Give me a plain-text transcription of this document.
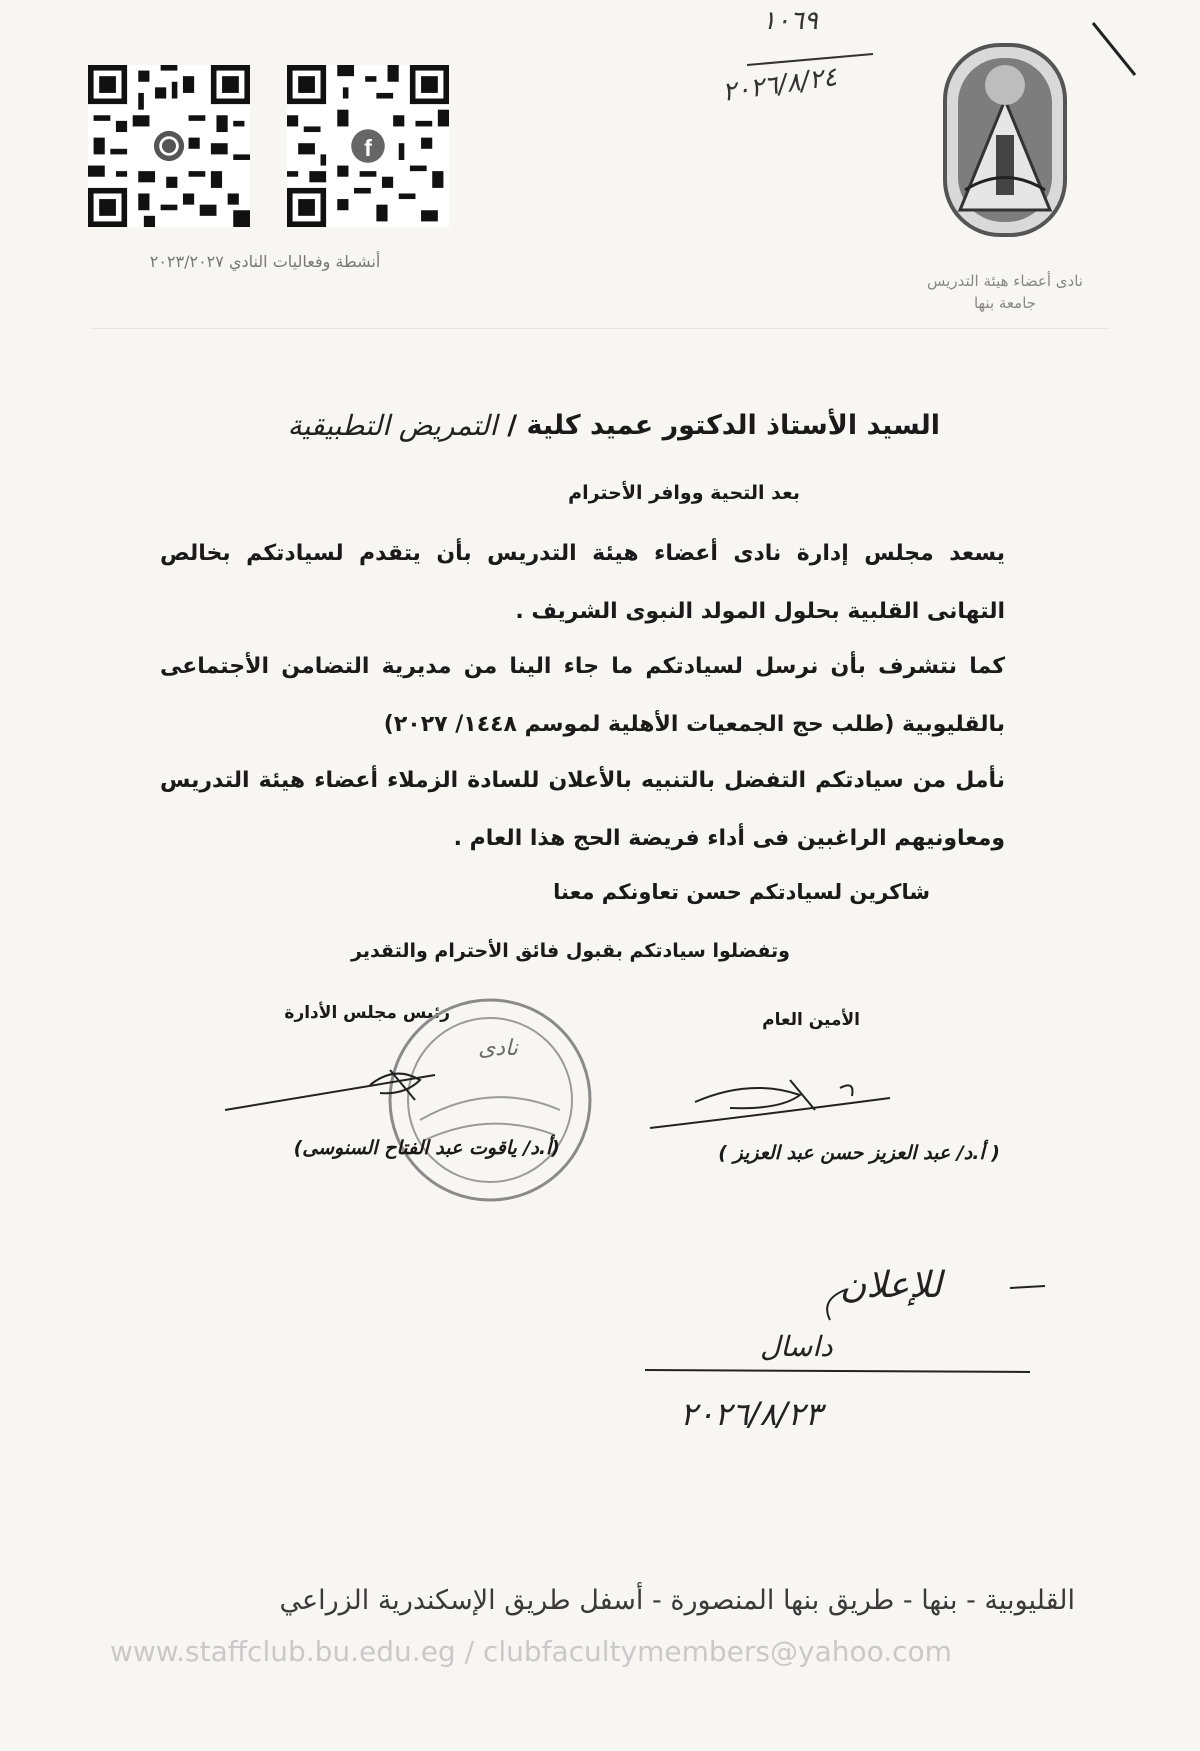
نادى أعضاء هيئة التدريس
جامعة بنها
١٠٦٩
٢٠٢٦/٨/٢٤
f
أنشطة وفعاليات النادي ٢٠٢٣/٢٠٢٧
السيد الأستاذ الدكتور عميد كلية /
التمريض التطبيقية
بعد التحية ووافر الأحترام
يسعد مجلس إدارة نادى أعضاء هيئة التدريس بأن يتقدم لسيادتكم بخالص التهانى القلبية بحلول المولد النبوى الشريف .
كما نتشرف بأن نرسل لسيادتكم ما جاء الينا من مديرية التضامن الأجتماعى بالقليوبية (طلب حج الجمعيات الأهلية لموسم ١٤٤٨/ ٢٠٢٧)
نأمل من سيادتكم التفضل بالتنبيه بالأعلان للسادة الزملاء أعضاء هيئة التدريس ومعاونيهم الراغبين فى أداء فريضة الحج هذا العام .
شاكرين لسيادتكم حسن تعاونكم معنا
وتفضلوا سيادتكم بقبول فائق الأحترام والتقدير
الأمين العام
رئيس مجلس الأدارة
نادى
( أ.د/ عبد العزيز حسن عبد العزيز )
(أ.د/ ياقوت عبد الفتاح السنوسى)
للإعلان
داسال
٢٠٢٦/٨/٢٣
القليوبية - بنها - طريق بنها المنصورة - أسفل طريق الإسكندرية الزراعي
www.staffclub.bu.edu.eg / clubfacultymembers@yahoo.com
